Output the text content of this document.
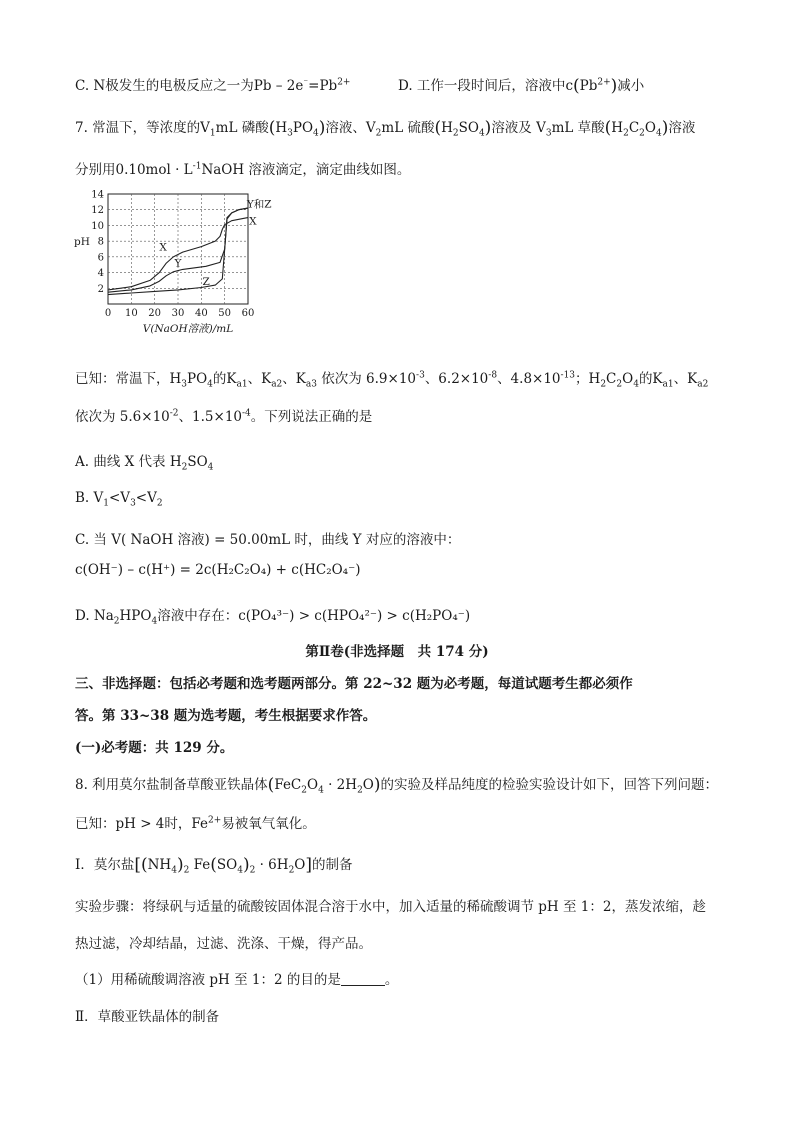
C. N极发生的电极反应之一为$Pb - 2e^{^-}=Pb^{2+}$	D. 工作一段时间后，溶液中$c(Pb^{2+})$减小
7. 常温下，等浓度的$V_1mL$ 磷酸$(H_3PO_4)$溶液、$V_2mL$ 硫酸$(H_2SO_4)$溶液及 $V_3mL$ 草酸$(H_2C_2O_4)$溶液
分别用$0.10mol \cdot L^{-1}NaOH$ 溶液滴定，滴定曲线如图。
0 10 20 30 40 50 60
2
4
6
8
10
12
14
pH
V(NaOH溶液)/mL
X
Y
Z
Y和Z
X
已知：常温下，$H_3PO_4$的$K_{a1}$、$K_{a2}$、$K_{a3}$ 依次为 $6.9\times 10^{-3}$、$6.2\times 10^{-8}$、$4.8\times 10^{-13}$；$H_2C_2O_4$的$K_{a1}$、$K_{a2}$
依次为 $5.6\times 10^{-2}$、$1.5\times 10^{-4}$。下列说法正确的是
A. 曲线 X 代表 $H_2SO_4$
B. $V_1<V_3<V_2$
C. 当 V( NaOH 溶液) = 50.00mL 时，曲线 Y 对应的溶液中：
c(OH⁻) – c(H⁺) = 2c(H₂C₂O₄) + c(HC₂O₄⁻)
D. $Na_2HPO_4$溶液中存在：c(PO₄³⁻) > c(HPO₄²⁻) > c(H₂PO₄⁻)
第Ⅱ卷(非选择题　共 174 分)
三、非选择题：包括必考题和选考题两部分。第 22~32 题为必考题，每道试题考生都必须作
答。第 33~38 题为选考题，考生根据要求作答。
(一)必考题：共 129 分。
8. 利用莫尔盐制备草酸亚铁晶体$(FeC_2O_4 \cdot 2H_2O)$的实验及样品纯度的检验实验设计如下，回答下列问题：
已知：pH > 4时，$Fe^{2+}$易被氧气氧化。
Ⅰ．莫尔盐[$(NH_4)_2$ $Fe(SO_4)_2 \cdot 6H_2O$]的制备
实验步骤：将绿矾与适量的硫酸铵固体混合溶于水中，加入适量的稀硫酸调节 pH 至 1：2，蒸发浓缩，趁
热过滤，冷却结晶，过滤、洗涤、干燥，得产品。
（1）用稀硫酸调溶液 pH 至 1：2 的目的是	。
Ⅱ．草酸亚铁晶体的制备
